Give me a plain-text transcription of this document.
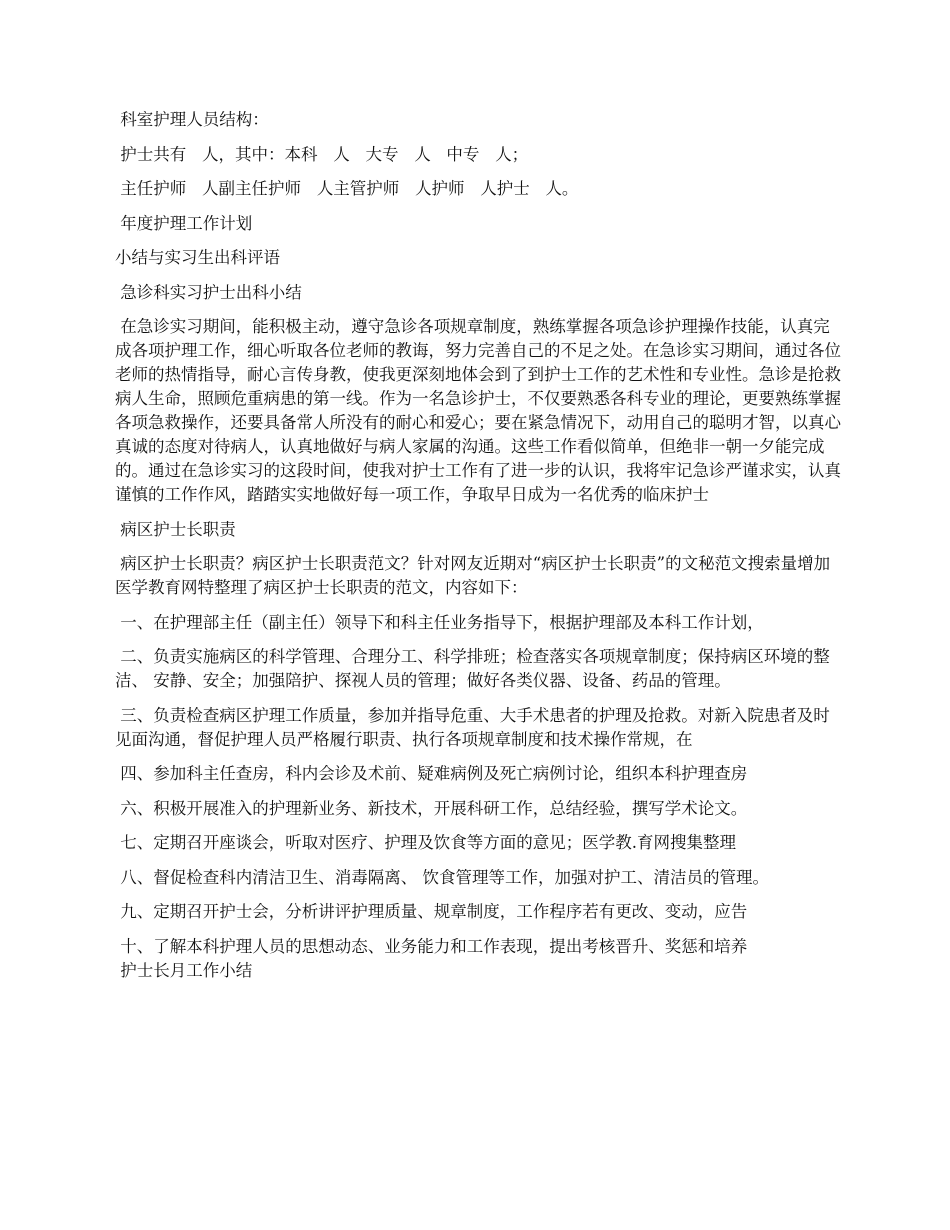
科室护理人员结构：

护士共有   人，其中：本科   人   大专   人   中专   人；

主任护师   人副主任护师   人主管护师   人护师   人护士   人。

年度护理工作计划

小结与实习生出科评语

急诊科实习护士出科小结

在急诊实习期间，能积极主动，遵守急诊各项规章制度，熟练掌握各项急诊护理操作技能，认真完成各项护理工作，细心听取各位老师的教诲，努力完善自己的不足之处。在急诊实习期间，通过各位老师的热情指导，耐心言传身教，使我更深刻地体会到了到护士工作的艺术性和专业性。急诊是抢救病人生命，照顾危重病患的第一线。作为一名急诊护士，不仅要熟悉各科专业的理论，更要熟练掌握各项急救操作，还要具备常人所没有的耐心和爱心；要在紧急情况下，动用自己的聪明才智，以真心真诚的态度对待病人，认真地做好与病人家属的沟通。这些工作看似简单，但绝非一朝一夕能完成的。通过在急诊实习的这段时间，使我对护士工作有了进一步的认识，我将牢记急诊严谨求实，认真谨慎的工作作风，踏踏实实地做好每一项工作，争取早日成为一名优秀的临床护士

病区护士长职责

病区护士长职责？病区护士长职责范文？针对网友近期对“病区护士长职责”的文秘范文搜索量增加医学教育网特整理了病区护士长职责的范文，内容如下：

一、在护理部主任（副主任）领导下和科主任业务指导下，根据护理部及本科工作计划，

二、负责实施病区的科学管理、合理分工、科学排班；检查落实各项规章制度；保持病区环境的整洁、 安静、安全；加强陪护、探视人员的管理；做好各类仪器、设备、药品的管理。

三、负责检查病区护理工作质量，参加并指导危重、大手术患者的护理及抢救。对新入院患者及时见面沟通，督促护理人员严格履行职责、执行各项规章制度和技术操作常规，在

四、参加科主任查房，科内会诊及术前、疑难病例及死亡病例讨论，组织本科护理查房

六、积极开展准入的护理新业务、新技术，开展科研工作，总结经验，撰写学术论文。

七、定期召开座谈会，听取对医疗、护理及饮食等方面的意见；医学教.育网搜集整理

八、督促检查科内清洁卫生、消毒隔离、 饮食管理等工作，加强对护工、清洁员的管理。

九、定期召开护士会，分析讲评护理质量、规章制度，工作程序若有更改、变动，应告

十、了解本科护理人员的思想动态、业务能力和工作表现，提出考核晋升、奖惩和培养

护士长月工作小结
